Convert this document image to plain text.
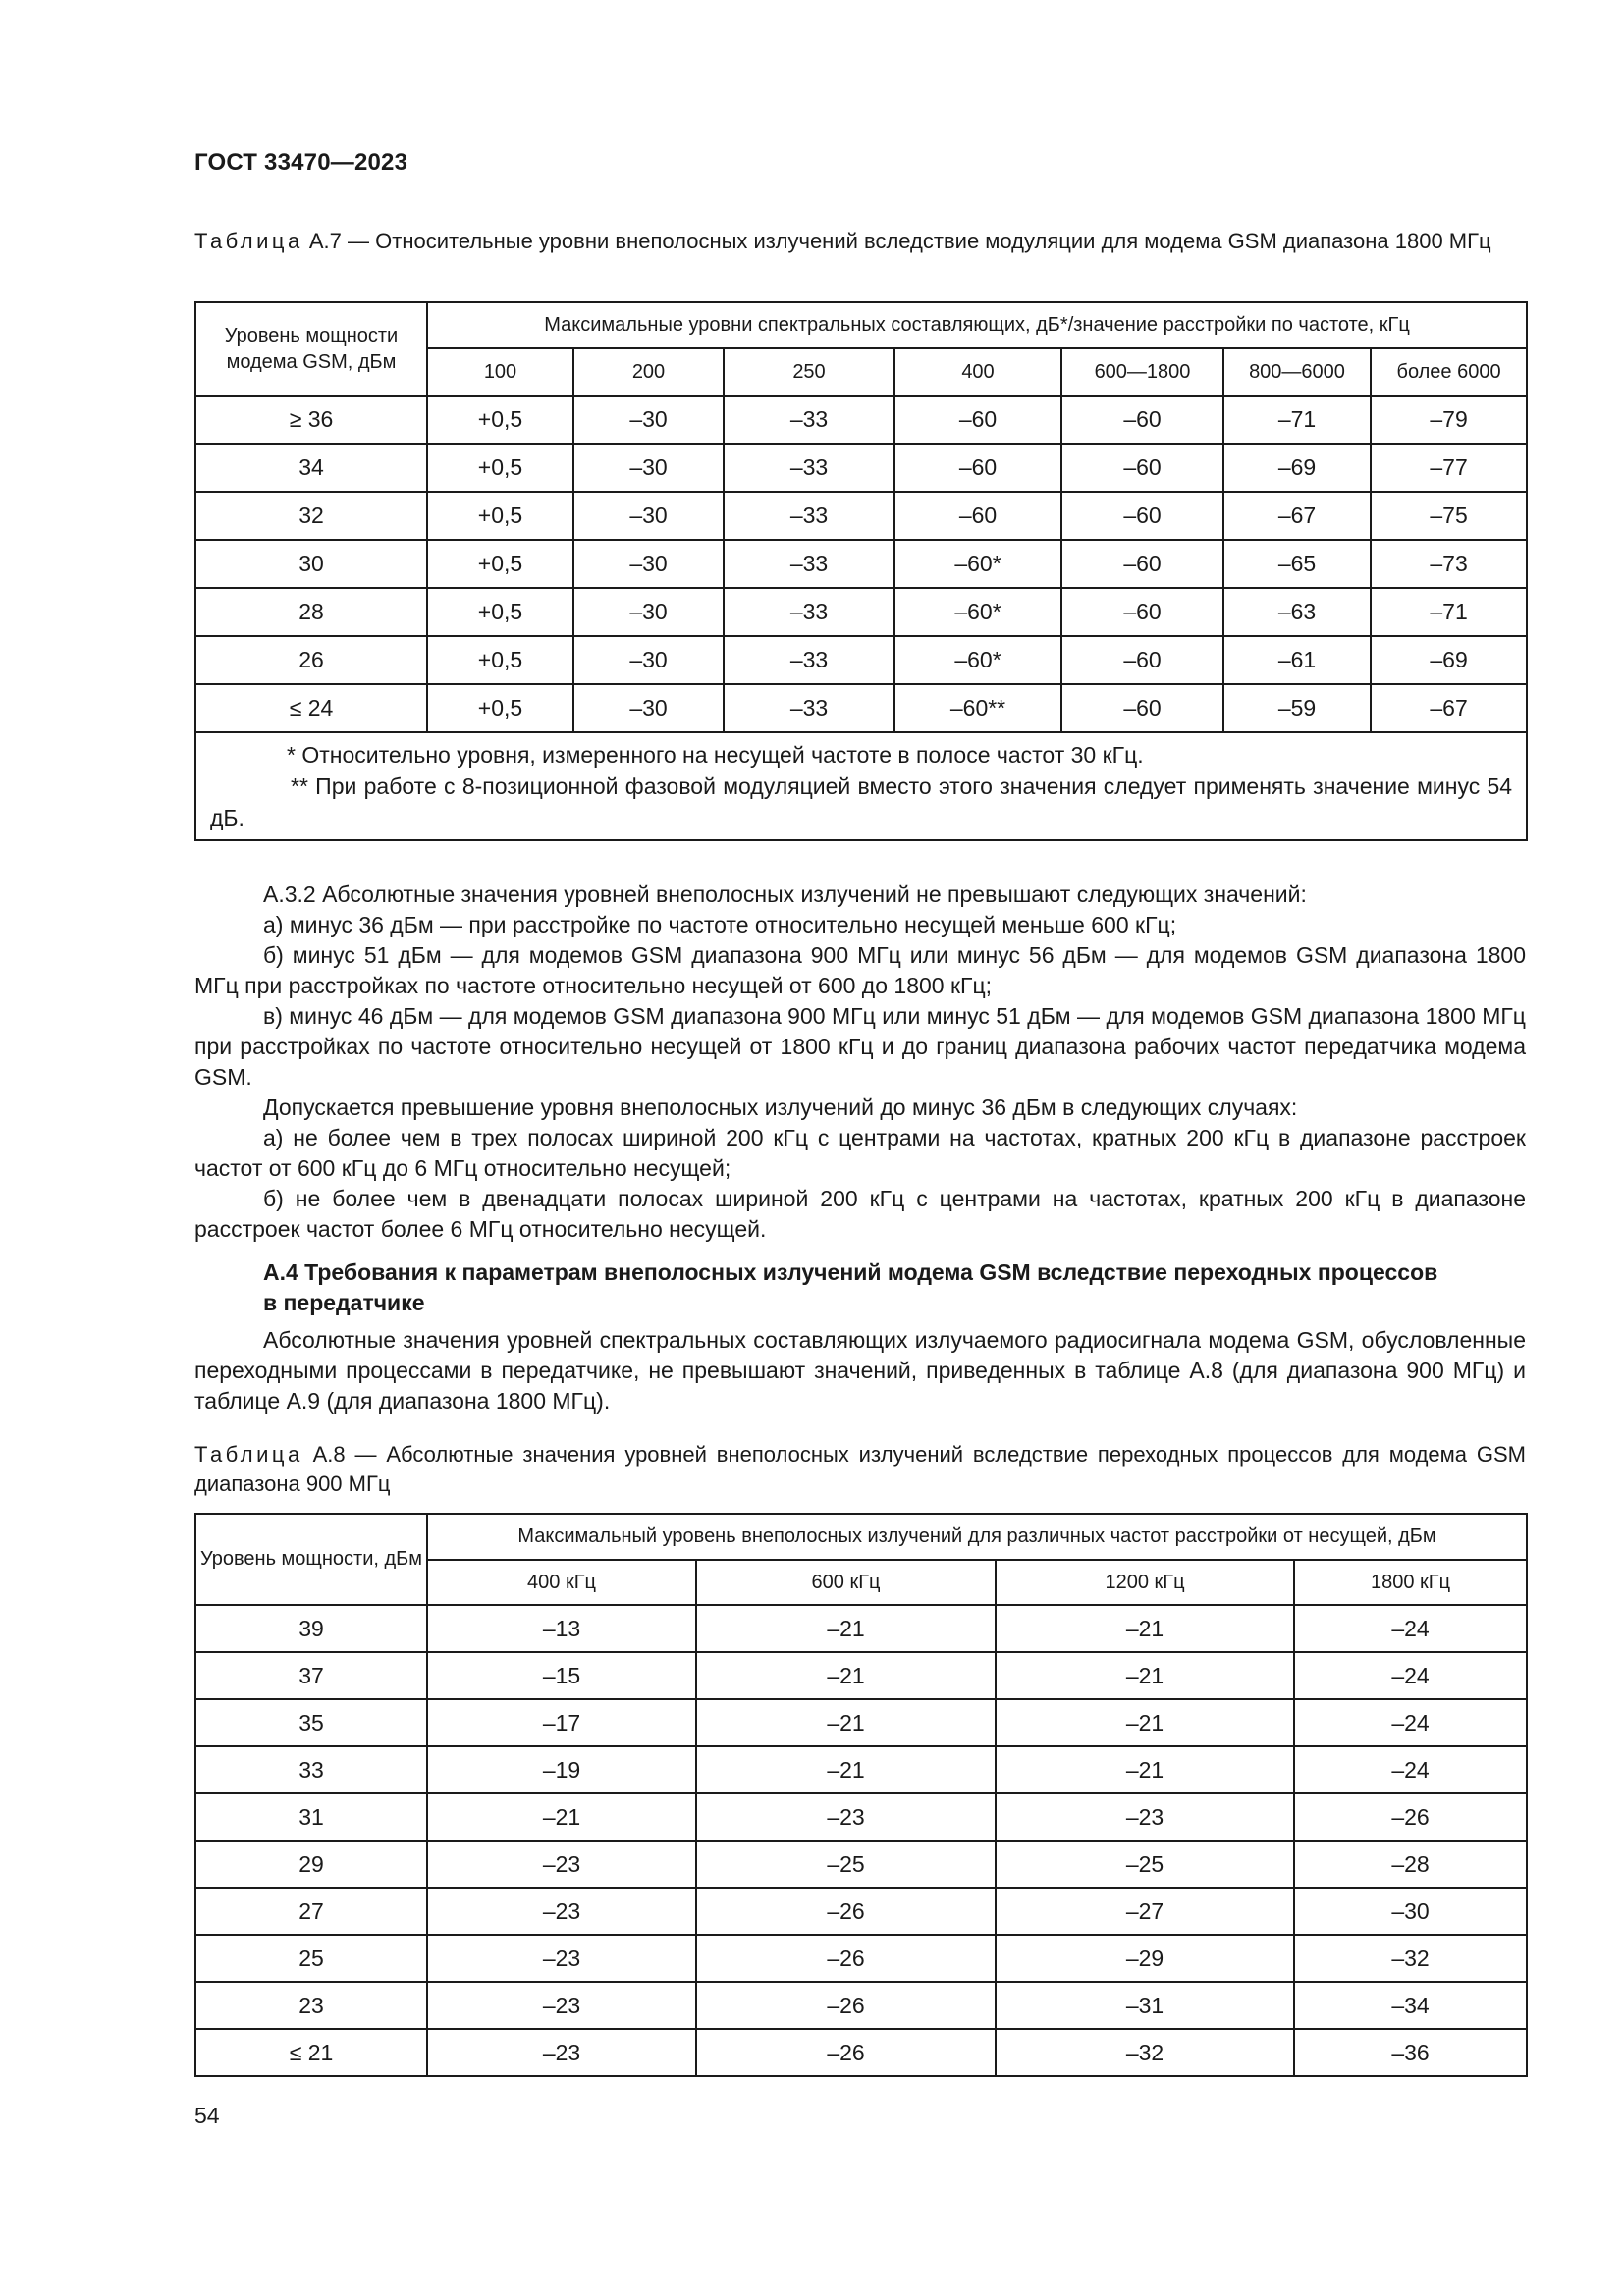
ГОСТ 33470—2023
Таблица А.7 — Относительные уровни внеполосных излучений вследствие модуляции для модема GSM диапазона 1800 МГц
Уровень мощности модема GSM, дБм	Максимальные уровни спектральных составляющих, дБ*/значение расстройки по частоте, кГц						
	100	200	250	400	600—1800	800—6000	более 6000
≥ 36	+0,5	–30	–33	–60	–60	–71	–79
34	+0,5	–30	–33	–60	–60	–69	–77
32	+0,5	–30	–33	–60	–60	–67	–75
30	+0,5	–30	–33	–60*	–60	–65	–73
28	+0,5	–30	–33	–60*	–60	–63	–71
26	+0,5	–30	–33	–60*	–60	–61	–69
≤ 24	+0,5	–30	–33	–60**	–60	–59	–67

* Относительно уровня, измеренного на несущей частоте в полосе частот 30 кГц.

** При работе с 8-позиционной фазовой модуляцией вместо этого значения следует применять значение минус 54 дБ.							

А.3.2 Абсолютные значения уровней внеполосных излучений не превышают следующих значений:

а) минус 36 дБм — при расстройке по частоте относительно несущей меньше 600 кГц;

б) минус 51 дБм — для модемов GSM диапазона 900 МГц или минус 56 дБм — для модемов GSM диапазона 1800 МГц при расстройках по частоте относительно несущей от 600 до 1800 кГц;

в) минус 46 дБм — для модемов GSM диапазона 900 МГц или минус 51 дБм — для модемов GSM диапазона 1800 МГц при расстройках по частоте относительно несущей от 1800 кГц и до границ диапазона рабочих частот передатчика модема GSM.

Допускается превышение уровня внеполосных излучений до минус 36 дБм в следующих случаях:

а) не более чем в трех полосах шириной 200 кГц с центрами на частотах, кратных 200 кГц в диапазоне расстроек частот от 600 кГц до 6 МГц относительно несущей;

б) не более чем в двенадцати полосах шириной 200 кГц с центрами на частотах, кратных 200 кГц в диапазоне расстроек частот более 6 МГц относительно несущей.

А.4 Требования к параметрам внеполосных излучений модема GSM вследствие переходных процессов в передатчике

Абсолютные значения уровней спектральных составляющих излучаемого радиосигнала модема GSM, обусловленные переходными процессами в передатчике, не превышают значений, приведенных в таблице А.8 (для диапазона 900 МГц) и таблице А.9 (для диапазона 1800 МГц).

Таблица А.8 — Абсолютные значения уровней внеполосных излучений вследствие переходных процессов для модема GSM диапазона 900 МГц
Уровень мощности, дБм	Максимальный уровень внеполосных излучений для различных частот расстройки от несущей, дБм			
	400 кГц	600 кГц	1200 кГц	1800 кГц
39	–13	–21	–21	–24
37	–15	–21	–21	–24
35	–17	–21	–21	–24
33	–19	–21	–21	–24
31	–21	–23	–23	–26
29	–23	–25	–25	–28
27	–23	–26	–27	–30
25	–23	–26	–29	–32
23	–23	–26	–31	–34
≤ 21	–23	–26	–32	–36
54
